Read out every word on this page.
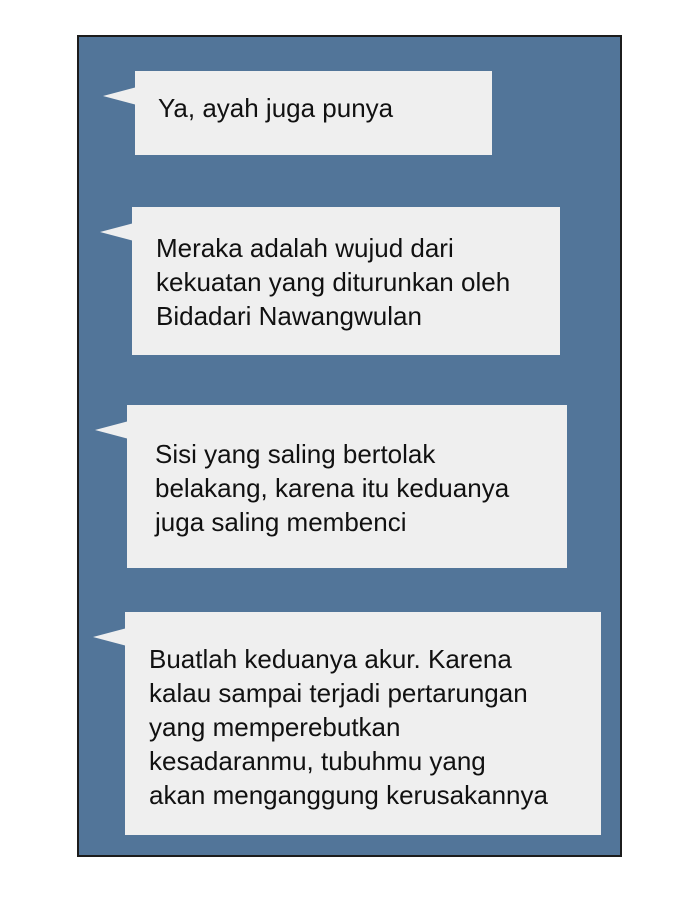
Ya, ayah juga punya

Meraka adalah wujud dari
kekuatan yang diturunkan oleh
Bidadari Nawangwulan

Sisi yang saling bertolak
belakang, karena itu keduanya
juga saling membenci

Buatlah keduanya akur. Karena
kalau sampai terjadi pertarungan
yang memperebutkan
kesadaranmu, tubuhmu yang
akan menganggung kerusakannya
